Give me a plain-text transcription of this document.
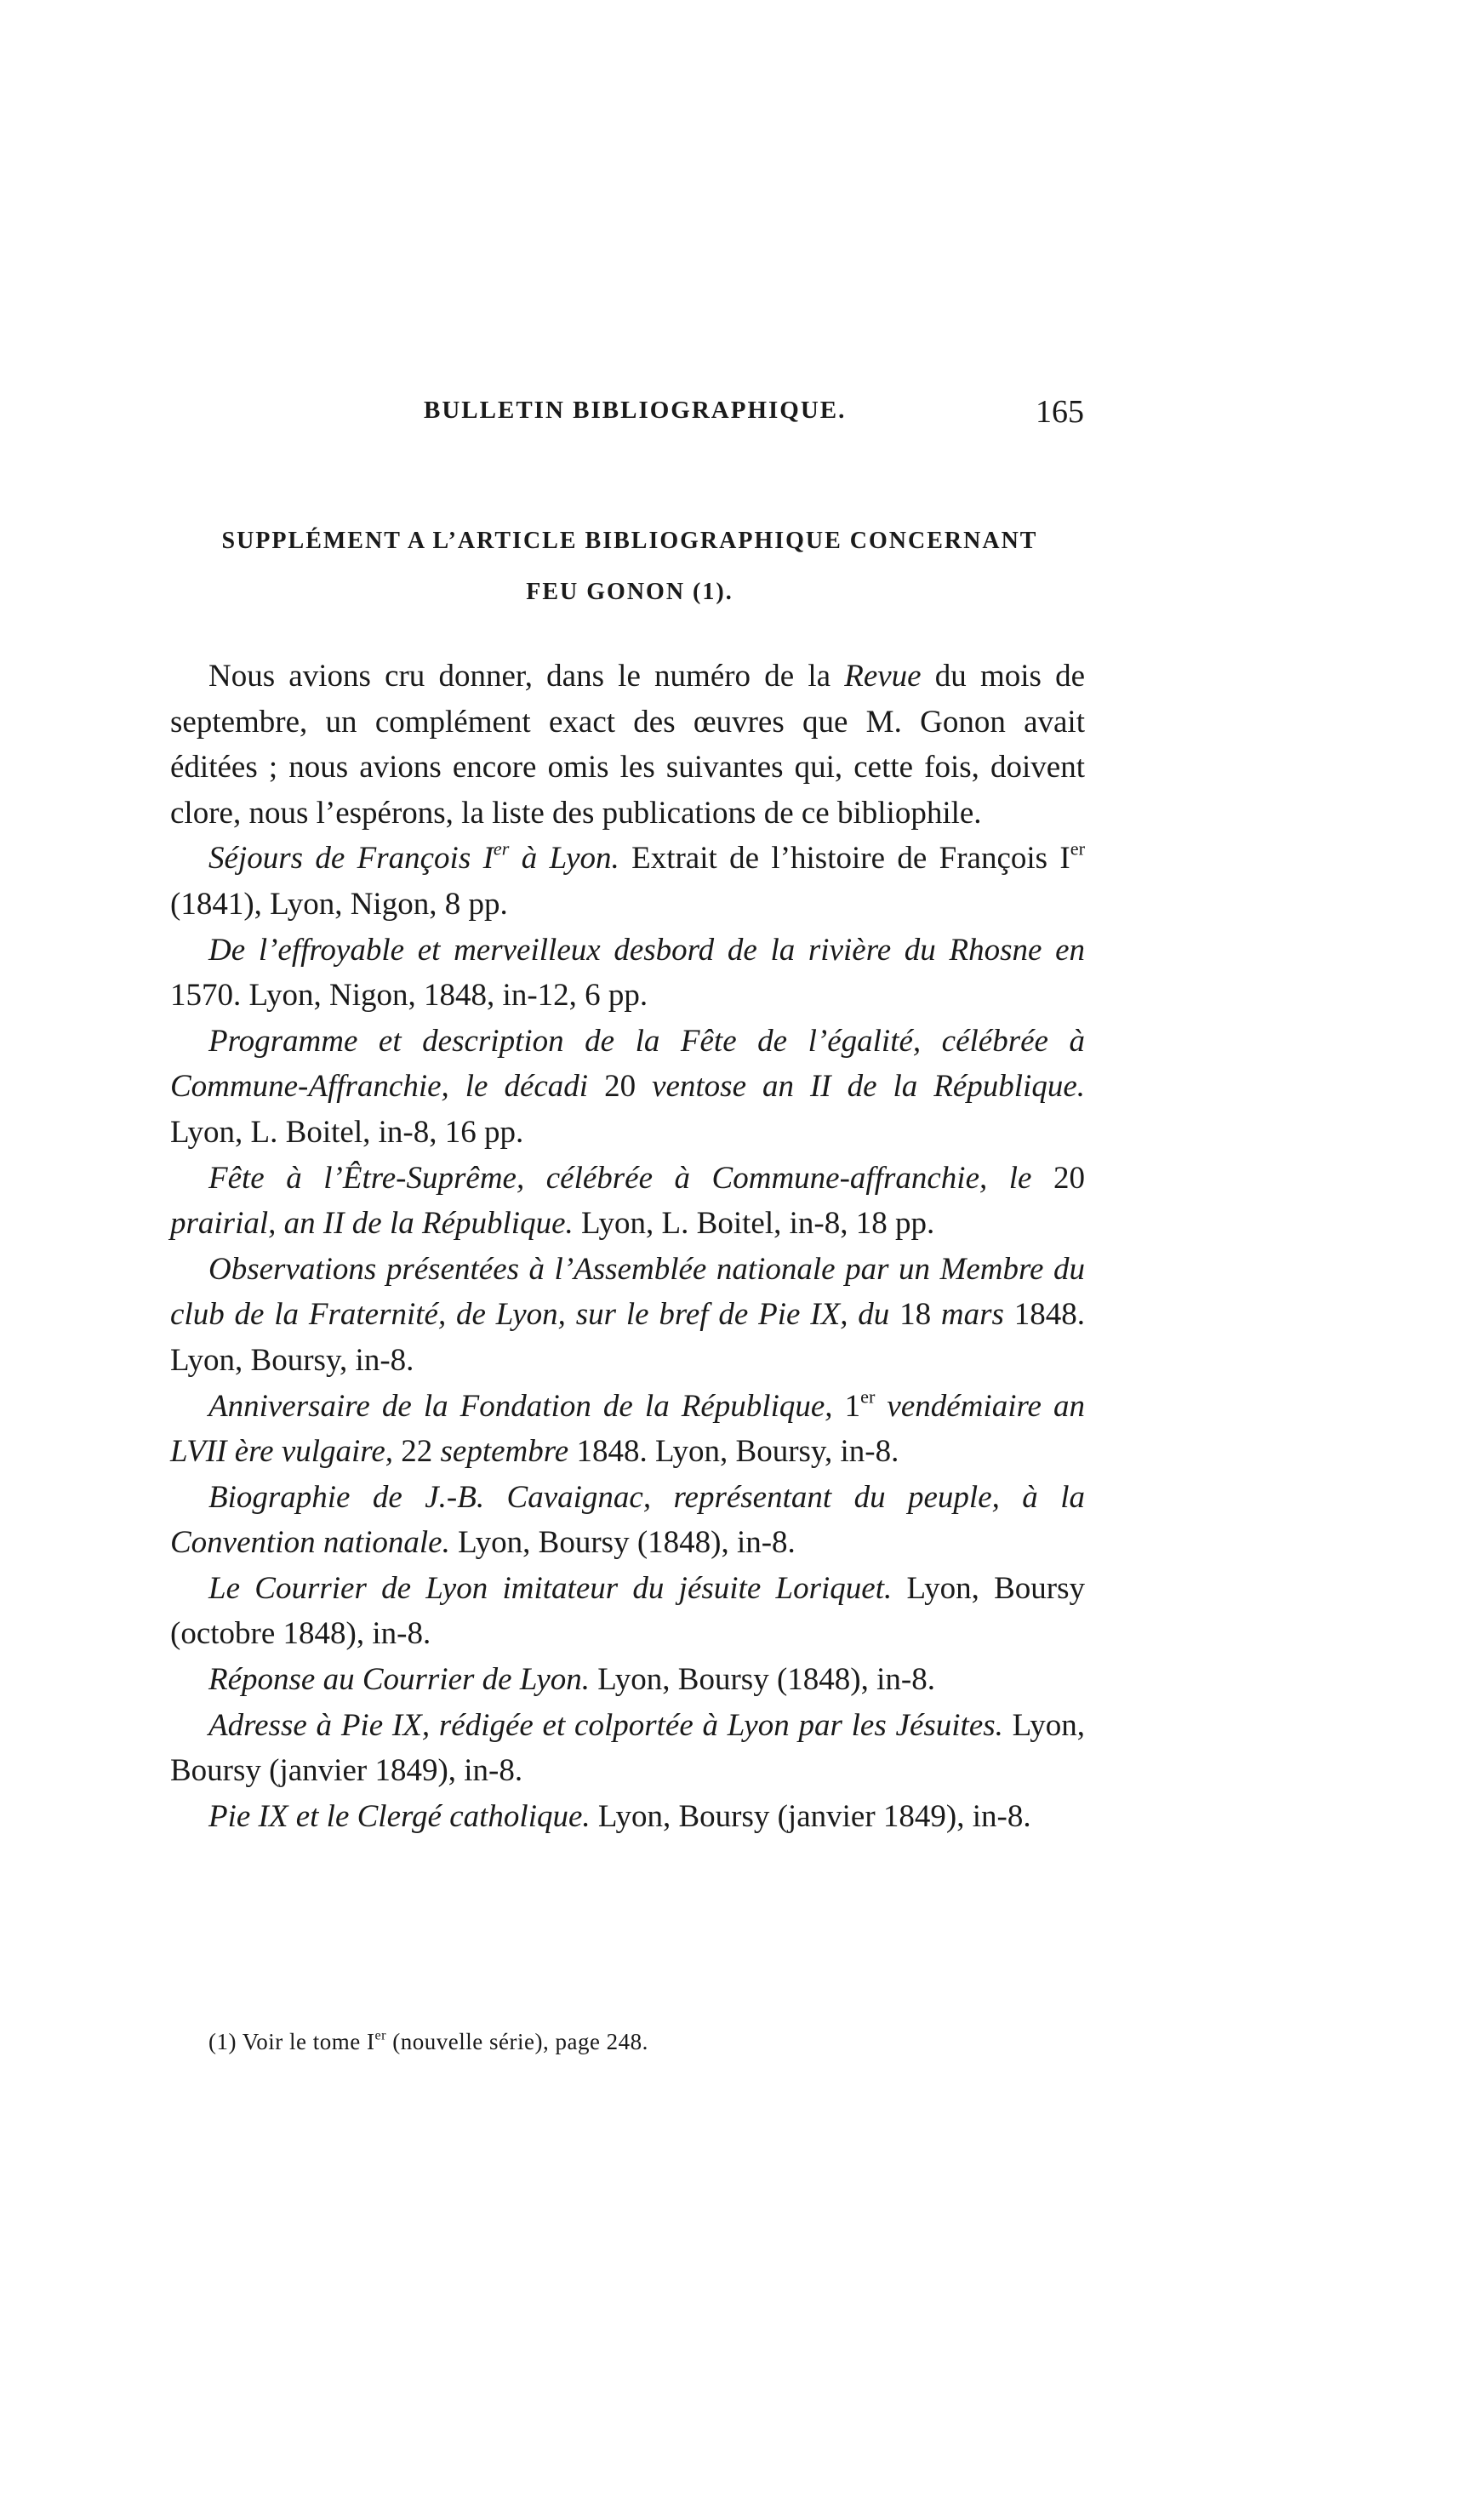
BULLETIN BIBLIOGRAPHIQUE.	165
SUPPLÉMENT A L’ARTICLE BIBLIOGRAPHIQUE CONCERNANT
FEU GONON (1).

Nous avions cru donner, dans le numéro de la Revue du mois de septembre, un complément exact des œuvres que M. Gonon avait éditées ; nous avions encore omis les suivantes qui, cette fois, doivent clore, nous l’espérons, la liste des publications de ce bibliophile.

Séjours de François Ier à Lyon. Extrait de l’histoire de François Ier (1841), Lyon, Nigon, 8 pp.

De l’effroyable et merveilleux desbord de la rivière du Rhosne en 1570. Lyon, Nigon, 1848, in-12, 6 pp.

Programme et description de la Fête de l’égalité, célébrée à Commune-Affranchie, le décadi 20 ventose an II de la République. Lyon, L. Boitel, in-8, 16 pp.

Fête à l’Être-Suprême, célébrée à Commune-affranchie, le 20 prairial, an II de la République. Lyon, L. Boitel, in-8, 18 pp.

Observations présentées à l’Assemblée nationale par un Membre du club de la Fraternité, de Lyon, sur le bref de Pie IX, du 18 mars 1848. Lyon, Boursy, in-8.

Anniversaire de la Fondation de la République, 1er vendémiaire an LVII ère vulgaire, 22 septembre 1848. Lyon, Boursy, in-8.

Biographie de J.-B. Cavaignac, représentant du peuple, à la Convention nationale. Lyon, Boursy (1848), in-8.

Le Courrier de Lyon imitateur du jésuite Loriquet. Lyon, Boursy (octobre 1848), in-8.

Réponse au Courrier de Lyon. Lyon, Boursy (1848), in-8.

Adresse à Pie IX, rédigée et colportée à Lyon par les Jésuites. Lyon, Boursy (janvier 1849), in-8.

Pie IX et le Clergé catholique. Lyon, Boursy (janvier 1849), in-8.

(1) Voir le tome Ier (nouvelle série), page 248.
